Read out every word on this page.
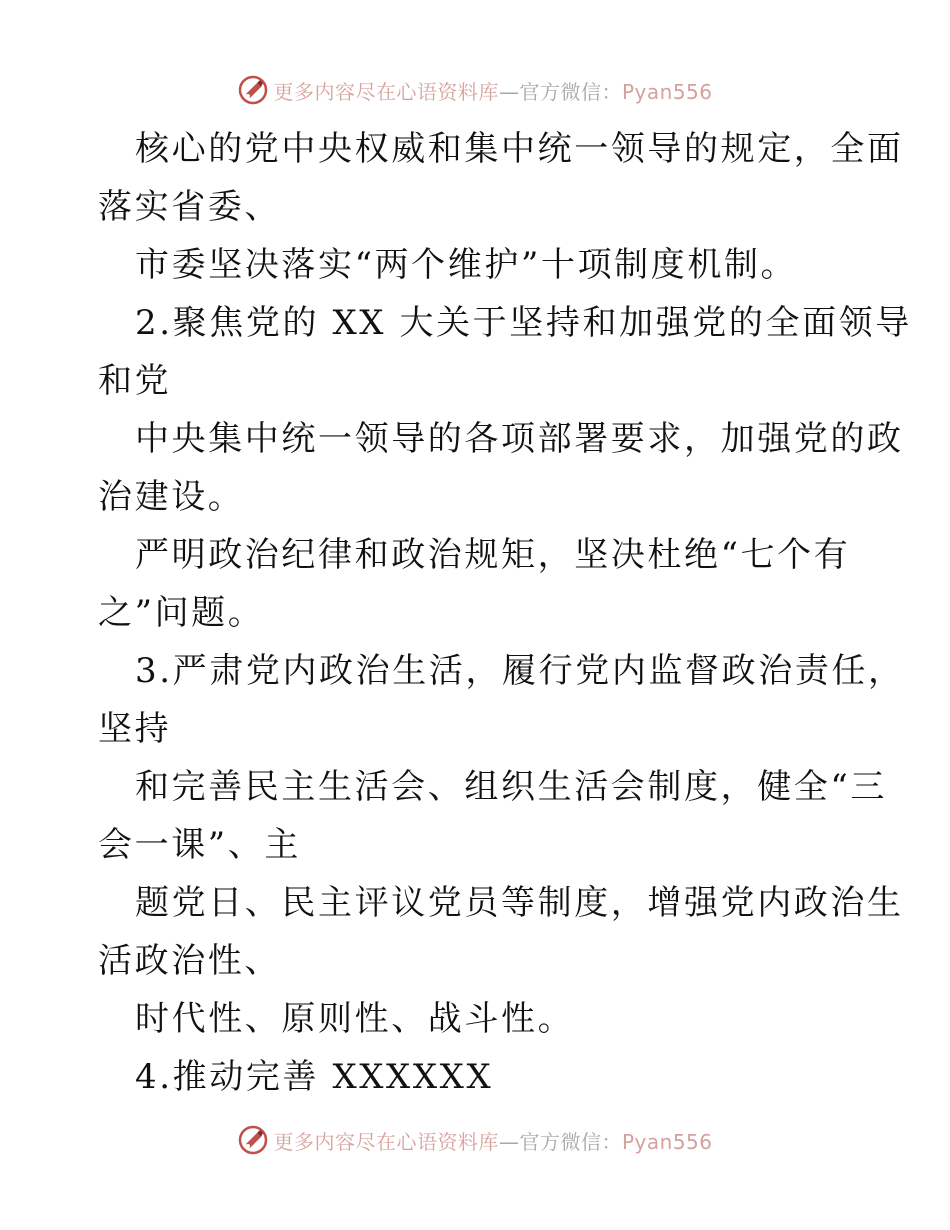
更多内容尽在心语资料库—官方微信：Pyan556

核心的党中央权威和集中统一领导的规定，全面

落实省委、

市委坚决落实“两个维护”十项制度机制。

2.聚焦党的 XX 大关于坚持和加强党的全面领导

和党

中央集中统一领导的各项部署要求，加强党的政

治建设。

严明政治纪律和政治规矩，坚决杜绝“七个有

之”问题。

3.严肃党内政治生活，履行党内监督政治责任，

坚持

和完善民主生活会、组织生活会制度，健全“三

会一课”、主

题党日、民主评议党员等制度，增强党内政治生

活政治性、

时代性、原则性、战斗性。

4.推动完善 XXXXXX

更多内容尽在心语资料库—官方微信：Pyan556
